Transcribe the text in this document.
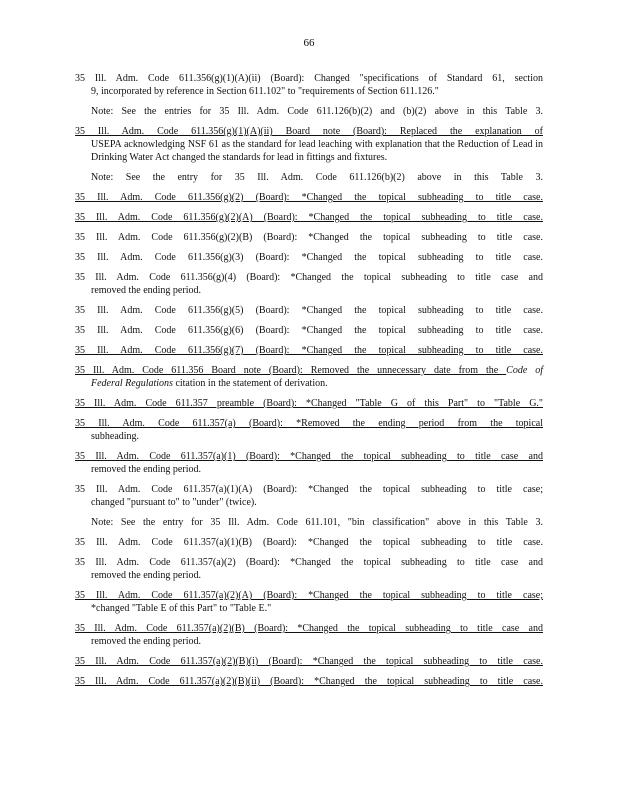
66
35 Ill. Adm. Code 611.356(g)(1)(A)(ii) (Board): Changed "specifications of Standard 61, section
9, incorporated by reference in Section 611.102" to "requirements of Section 611.126."
Note: See the entries for 35 Ill. Adm. Code 611.126(b)(2) and (b)(2) above in this Table 3.
35 Ill. Adm. Code 611.356(g)(1)(A)(ii) Board note (Board): Replaced the explanation of
USEPA acknowledging NSF 61 as the standard for lead leaching with explanation that the Reduction of Lead in Drinking Water Act changed the standards for lead in fittings and fixtures.
Note: See the entry for 35 Ill. Adm. Code 611.126(b)(2) above in this Table 3.
35 Ill. Adm. Code 611.356(g)(2) (Board): *Changed the topical subheading to title case.
35 Ill. Adm. Code 611.356(g)(2)(A) (Board): *Changed the topical subheading to title case.
35 Ill. Adm. Code 611.356(g)(2)(B) (Board): *Changed the topical subheading to title case.
35 Ill. Adm. Code 611.356(g)(3) (Board): *Changed the topical subheading to title case.
35 Ill. Adm. Code 611.356(g)(4) (Board): *Changed the topical subheading to title case and
removed the ending period.
35 Ill. Adm. Code 611.356(g)(5) (Board): *Changed the topical subheading to title case.
35 Ill. Adm. Code 611.356(g)(6) (Board): *Changed the topical subheading to title case.
35 Ill. Adm. Code 611.356(g)(7) (Board): *Changed the topical subheading to title case.
35 Ill. Adm. Code 611.356 Board note (Board): Removed the unnecessary date from the Code of
Federal Regulations citation in the statement of derivation.
35 Ill. Adm. Code 611.357 preamble (Board): *Changed "Table G of this Part" to "Table G."
35 Ill. Adm. Code 611.357(a) (Board): *Removed the ending period from the topical
subheading.
35 Ill. Adm. Code 611.357(a)(1) (Board): *Changed the topical subheading to title case and
removed the ending period.
35 Ill. Adm. Code 611.357(a)(1)(A) (Board): *Changed the topical subheading to title case;
changed "pursuant to" to "under" (twice).
Note: See the entry for 35 Ill. Adm. Code 611.101, "bin classification" above in this Table 3.
35 Ill. Adm. Code 611.357(a)(1)(B) (Board): *Changed the topical subheading to title case.
35 Ill. Adm. Code 611.357(a)(2) (Board): *Changed the topical subheading to title case and
removed the ending period.
35 Ill. Adm. Code 611.357(a)(2)(A) (Board): *Changed the topical subheading to title case;
*changed "Table E of this Part" to "Table E."
35 Ill. Adm. Code 611.357(a)(2)(B) (Board): *Changed the topical subheading to title case and
removed the ending period.
35 Ill. Adm. Code 611.357(a)(2)(B)(i) (Board): *Changed the topical subheading to title case.
35 Ill. Adm. Code 611.357(a)(2)(B)(ii) (Board): *Changed the topical subheading to title case.
